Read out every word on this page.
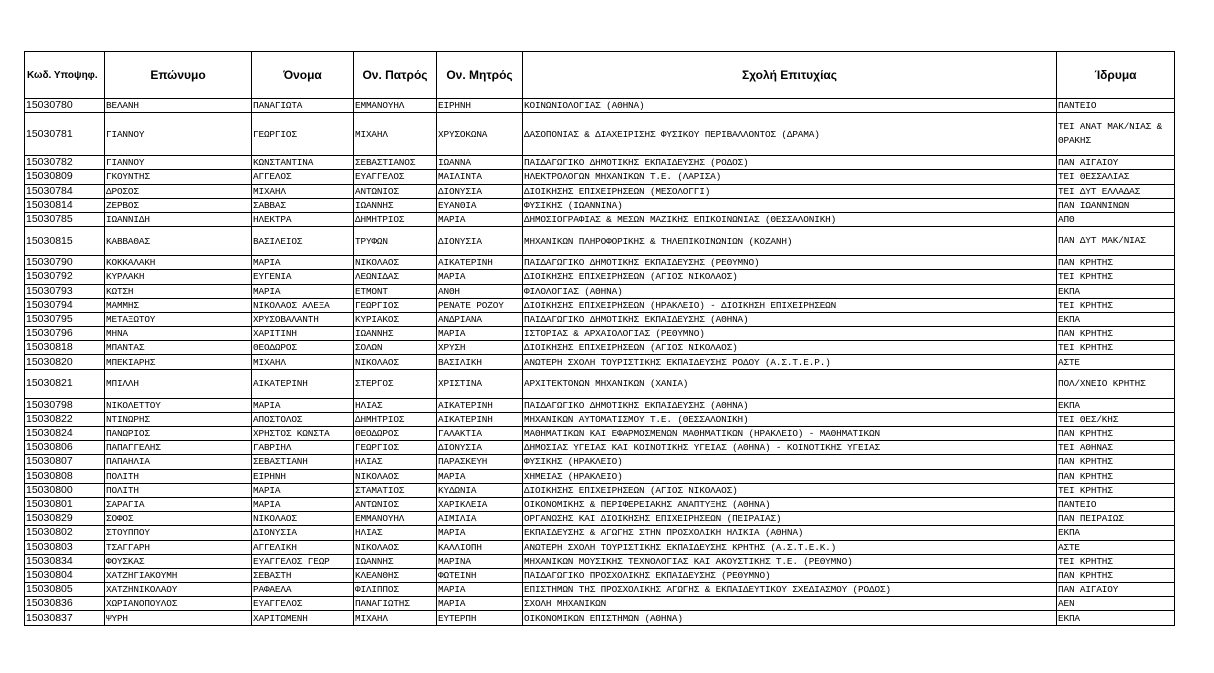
Κωδ. Υποψηφ.	Επώνυμο	Όνομα	Ον. Πατρός	Ον. Μητρός	Σχολή Επιτυχίας	Ίδρυμα
15030780	ΒΕΛΑΝΗ	ΠΑΝΑΓΙΩΤΑ	ΕΜΜΑΝΟΥΗΛ	ΕΙΡΗΝΗ	ΚΟΙΝΩΝΙΟΛΟΓΙΑΣ (ΑΘΗΝΑ)	ΠΑΝΤΕΙΟ
15030781	ΓΙΑΝΝΟΥ	ΓΕΩΡΓΙΟΣ	ΜΙΧΑΗΛ	ΧΡΥΣΟΚΩΝΑ	ΔΑΣΟΠΟΝΙΑΣ & ΔΙΑΧΕΙΡΙΣΗΣ ΦΥΣΙΚΟΥ ΠΕΡΙΒΑΛΛΟΝΤΟΣ (ΔΡΑΜΑ)	ΤΕΙ ΑΝΑΤ ΜΑΚ/ΝΙΑΣ & ΘΡΑΚΗΣ
15030782	ΓΙΑΝΝΟΥ	ΚΩΝΣΤΑΝΤΙΝΑ	ΣΕΒΑΣΤΙΑΝΟΣ	ΙΩΑΝΝΑ	ΠΑΙΔΑΓΩΓΙΚΟ ΔΗΜΟΤΙΚΗΣ ΕΚΠΑΙΔΕΥΣΗΣ (ΡΟΔΟΣ)	ΠΑΝ ΑΙΓΑΙΟΥ
15030809	ΓΚΟΥΝΤΗΣ	ΑΓΓΕΛΟΣ	ΕΥΑΓΓΕΛΟΣ	ΜΑΙΛΙΝΤΑ	ΗΛΕΚΤΡΟΛΟΓΩΝ ΜΗΧΑΝΙΚΩΝ Τ.Ε. (ΛΑΡΙΣΑ)	ΤΕΙ ΘΕΣΣΑΛΙΑΣ
15030784	ΔΡΟΣΟΣ	ΜΙΧΑΗΛ	ΑΝΤΩΝΙΟΣ	ΔΙΟΝΥΣΙΑ	ΔΙΟΙΚΗΣΗΣ ΕΠΙΧΕΙΡΗΣΕΩΝ (ΜΕΣΟΛΟΓΓΙ)	ΤΕΙ ΔΥΤ ΕΛΛΑΔΑΣ
15030814	ΖΕΡΒΟΣ	ΣΑΒΒΑΣ	ΙΩΑΝΝΗΣ	ΕΥΑΝΘΙΑ	ΦΥΣΙΚΗΣ (ΙΩΑΝΝΙΝΑ)	ΠΑΝ ΙΩΑΝΝΙΝΩΝ
15030785	ΙΩΑΝΝΙΔΗ	ΗΛΕΚΤΡΑ	ΔΗΜΗΤΡΙΟΣ	ΜΑΡΙΑ	ΔΗΜΟΣΙΟΓΡΑΦΙΑΣ & ΜΕΣΩΝ ΜΑΖΙΚΗΣ ΕΠΙΚΟΙΝΩΝΙΑΣ (ΘΕΣΣΑΛΟΝΙΚΗ)	ΑΠΘ
15030815	ΚΑΒΒΑΘΑΣ	ΒΑΣΙΛΕΙΟΣ	ΤΡΥΦΩΝ	ΔΙΟΝΥΣΙΑ	ΜΗΧΑΝΙΚΩΝ ΠΛΗΡΟΦΟΡΙΚΗΣ & ΤΗΛΕΠΙΚΟΙΝΩΝΙΩΝ (ΚΟΖΑΝΗ)	ΠΑΝ ΔΥΤ ΜΑΚ/ΝΙΑΣ
15030790	ΚΟΚΚΑΛΑΚΗ	ΜΑΡΙΑ	ΝΙΚΟΛΑΟΣ	ΑΙΚΑΤΕΡΙΝΗ	ΠΑΙΔΑΓΩΓΙΚΟ ΔΗΜΟΤΙΚΗΣ ΕΚΠΑΙΔΕΥΣΗΣ (ΡΕΘΥΜΝΟ)	ΠΑΝ ΚΡΗΤΗΣ
15030792	ΚΥΡΛΑΚΗ	ΕΥΓΕΝΙΑ	ΛΕΩΝΙΔΑΣ	ΜΑΡΙΑ	ΔΙΟΙΚΗΣΗΣ ΕΠΙΧΕΙΡΗΣΕΩΝ (ΑΓΙΟΣ ΝΙΚΟΛΑΟΣ)	ΤΕΙ ΚΡΗΤΗΣ
15030793	ΚΩΤΣΗ	ΜΑΡΙΑ	ΕΤΜΟΝΤ	ΑΝΘΗ	ΦΙΛΟΛΟΓΙΑΣ (ΑΘΗΝΑ)	ΕΚΠΑ
15030794	ΜΑΜΜΗΣ	ΝΙΚΟΛΑΟΣ ΑΛΕΞΑ	ΓΕΩΡΓΙΟΣ	ΡΕΝΑΤΕ ΡΟΖΟΥ	ΔΙΟΙΚΗΣΗΣ ΕΠΙΧΕΙΡΗΣΕΩΝ (ΗΡΑΚΛΕΙΟ) - ΔΙΟΙΚΗΣΗ ΕΠΙΧΕΙΡΗΣΕΩΝ	ΤΕΙ ΚΡΗΤΗΣ
15030795	ΜΕΤΑΞΩΤΟΥ	ΧΡΥΣΟΒΑΛΑΝΤΗ	ΚΥΡΙΑΚΟΣ	ΑΝΔΡΙΑΝΑ	ΠΑΙΔΑΓΩΓΙΚΟ ΔΗΜΟΤΙΚΗΣ ΕΚΠΑΙΔΕΥΣΗΣ (ΑΘΗΝΑ)	ΕΚΠΑ
15030796	ΜΗΝΑ	ΧΑΡΙΤΙΝΗ	ΙΩΑΝΝΗΣ	ΜΑΡΙΑ	ΙΣΤΟΡΙΑΣ & ΑΡΧΑΙΟΛΟΓΙΑΣ (ΡΕΘΥΜΝΟ)	ΠΑΝ ΚΡΗΤΗΣ
15030818	ΜΠΑΝΤΑΣ	ΘΕΟΔΩΡΟΣ	ΣΟΛΩΝ	ΧΡΥΣΗ	ΔΙΟΙΚΗΣΗΣ ΕΠΙΧΕΙΡΗΣΕΩΝ (ΑΓΙΟΣ ΝΙΚΟΛΑΟΣ)	ΤΕΙ ΚΡΗΤΗΣ
15030820	ΜΠΕΚΙΑΡΗΣ	ΜΙΧΑΗΛ	ΝΙΚΟΛΑΟΣ	ΒΑΣΙΛΙΚΗ	ΑΝΩΤΕΡΗ ΣΧΟΛΗ ΤΟΥΡΙΣΤΙΚΗΣ ΕΚΠΑΙΔΕΥΣΗΣ ΡΟΔΟΥ (Α.Σ.Τ.Ε.Ρ.)	ΑΣΤΕ
15030821	ΜΠΙΛΛΗ	ΑΙΚΑΤΕΡΙΝΗ	ΣΤΕΡΓΟΣ	ΧΡΙΣΤΙΝΑ	ΑΡΧΙΤΕΚΤΟΝΩΝ ΜΗΧΑΝΙΚΩΝ (ΧΑΝΙΑ)	ΠΟΛ/ΧΝΕΙΟ ΚΡΗΤΗΣ
15030798	ΝΙΚΟΛΕΤΤΟΥ	ΜΑΡΙΑ	ΗΛΙΑΣ	ΑΙΚΑΤΕΡΙΝΗ	ΠΑΙΔΑΓΩΓΙΚΟ ΔΗΜΟΤΙΚΗΣ ΕΚΠΑΙΔΕΥΣΗΣ (ΑΘΗΝΑ)	ΕΚΠΑ
15030822	ΝΤΙΝΩΡΗΣ	ΑΠΟΣΤΟΛΟΣ	ΔΗΜΗΤΡΙΟΣ	ΑΙΚΑΤΕΡΙΝΗ	ΜΗΧΑΝΙΚΩΝ ΑΥΤΟΜΑΤΙΣΜΟΥ Τ.Ε. (ΘΕΣΣΑΛΟΝΙΚΗ)	ΤΕΙ ΘΕΣ/ΚΗΣ
15030824	ΠΑΝΩΡΙΟΣ	ΧΡΗΣΤΟΣ ΚΩΝΣΤΑ	ΘΕΟΔΩΡΟΣ	ΓΑΛΑΚΤΙΑ	ΜΑΘΗΜΑΤΙΚΩΝ ΚΑΙ ΕΦΑΡΜΟΣΜΕΝΩΝ ΜΑΘΗΜΑΤΙΚΩΝ (ΗΡΑΚΛΕΙΟ) - ΜΑΘΗΜΑΤΙΚΩΝ	ΠΑΝ ΚΡΗΤΗΣ
15030806	ΠΑΠΑΓΓΕΛΗΣ	ΓΑΒΡΙΗΛ	ΓΕΩΡΓΙΟΣ	ΔΙΟΝΥΣΙΑ	ΔΗΜΟΣΙΑΣ ΥΓΕΙΑΣ ΚΑΙ ΚΟΙΝΟΤΙΚΗΣ ΥΓΕΙΑΣ (ΑΘΗΝΑ) - ΚΟΙΝΟΤΙΚΗΣ ΥΓΕΙΑΣ	ΤΕΙ ΑΘΗΝΑΣ
15030807	ΠΑΠΑΗΛΙΑ	ΣΕΒΑΣΤΙΑΝΗ	ΗΛΙΑΣ	ΠΑΡΑΣΚΕΥΗ	ΦΥΣΙΚΗΣ (ΗΡΑΚΛΕΙΟ)	ΠΑΝ ΚΡΗΤΗΣ
15030808	ΠΟΛΙΤΗ	ΕΙΡΗΝΗ	ΝΙΚΟΛΑΟΣ	ΜΑΡΙΑ	ΧΗΜΕΙΑΣ (ΗΡΑΚΛΕΙΟ)	ΠΑΝ ΚΡΗΤΗΣ
15030800	ΠΟΛΙΤΗ	ΜΑΡΙΑ	ΣΤΑΜΑΤΙΟΣ	ΚΥΔΩΝΙΑ	ΔΙΟΙΚΗΣΗΣ ΕΠΙΧΕΙΡΗΣΕΩΝ (ΑΓΙΟΣ ΝΙΚΟΛΑΟΣ)	ΤΕΙ ΚΡΗΤΗΣ
15030801	ΣΑΡΑΓΙΑ	ΜΑΡΙΑ	ΑΝΤΩΝΙΟΣ	ΧΑΡΙΚΛΕΙΑ	ΟΙΚΟΝΟΜΙΚΗΣ & ΠΕΡΙΦΕΡΕΙΑΚΗΣ ΑΝΑΠΤΥΞΗΣ (ΑΘΗΝΑ)	ΠΑΝΤΕΙΟ
15030829	ΣΟΦΟΣ	ΝΙΚΟΛΑΟΣ	ΕΜΜΑΝΟΥΗΛ	ΑΙΜΙΛΙΑ	ΟΡΓΑΝΩΣΗΣ ΚΑΙ ΔΙΟΙΚΗΣΗΣ ΕΠΙΧΕΙΡΗΣΕΩΝ (ΠΕΙΡΑΙΑΣ)	ΠΑΝ ΠΕΙΡΑΙΩΣ
15030802	ΣΤΟΥΠΠΟΥ	ΔΙΟΝΥΣΙΑ	ΗΛΙΑΣ	ΜΑΡΙΑ	ΕΚΠΑΙΔΕΥΣΗΣ & ΑΓΩΓΗΣ ΣΤΗΝ ΠΡΟΣΧΟΛΙΚΗ ΗΛΙΚΙΑ (ΑΘΗΝΑ)	ΕΚΠΑ
15030803	ΤΣΑΓΓΑΡΗ	ΑΓΓΕΛΙΚΗ	ΝΙΚΟΛΑΟΣ	ΚΑΛΛΙΟΠΗ	ΑΝΩΤΕΡΗ ΣΧΟΛΗ ΤΟΥΡΙΣΤΙΚΗΣ ΕΚΠΑΙΔΕΥΣΗΣ ΚΡΗΤΗΣ (Α.Σ.Τ.Ε.Κ.)	ΑΣΤΕ
15030834	ΦΟΥΣΚΑΣ	ΕΥΑΓΓΕΛΟΣ ΓΕΩΡ	ΙΩΑΝΝΗΣ	ΜΑΡΙΝΑ	ΜΗΧΑΝΙΚΩΝ ΜΟΥΣΙΚΗΣ ΤΕΧΝΟΛΟΓΙΑΣ ΚΑΙ ΑΚΟΥΣΤΙΚΗΣ Τ.Ε. (ΡΕΘΥΜΝΟ)	ΤΕΙ ΚΡΗΤΗΣ
15030804	ΧΑΤΖΗΓΙΑΚΟΥΜΗ	ΣΕΒΑΣΤΗ	ΚΛΕΑΝΘΗΣ	ΦΩΤΕΙΝΗ	ΠΑΙΔΑΓΩΓΙΚΟ ΠΡΟΣΧΟΛΙΚΗΣ ΕΚΠΑΙΔΕΥΣΗΣ (ΡΕΘΥΜΝΟ)	ΠΑΝ ΚΡΗΤΗΣ
15030805	ΧΑΤΖΗΝΙΚΟΛΑΟΥ	ΡΑΦΑΕΛΑ	ΦΙΛΙΠΠΟΣ	ΜΑΡΙΑ	ΕΠΙΣΤΗΜΩΝ ΤΗΣ ΠΡΟΣΧΟΛΙΚΗΣ ΑΓΩΓΗΣ & ΕΚΠΑΙΔΕΥΤΙΚΟΥ ΣΧΕΔΙΑΣΜΟΥ (ΡΟΔΟΣ)	ΠΑΝ ΑΙΓΑΙΟΥ
15030836	ΧΩΡΙΑΝΟΠΟΥΛΟΣ	ΕΥΑΓΓΕΛΟΣ	ΠΑΝΑΓΙΩΤΗΣ	ΜΑΡΙΑ	ΣΧΟΛΗ ΜΗΧΑΝΙΚΩΝ	ΑΕΝ
15030837	ΨΥΡΗ	ΧΑΡΙΤΩΜΕΝΗ	ΜΙΧΑΗΛ	ΕΥΤΕΡΠΗ	ΟΙΚΟΝΟΜΙΚΩΝ ΕΠΙΣΤΗΜΩΝ (ΑΘΗΝΑ)	ΕΚΠΑ
